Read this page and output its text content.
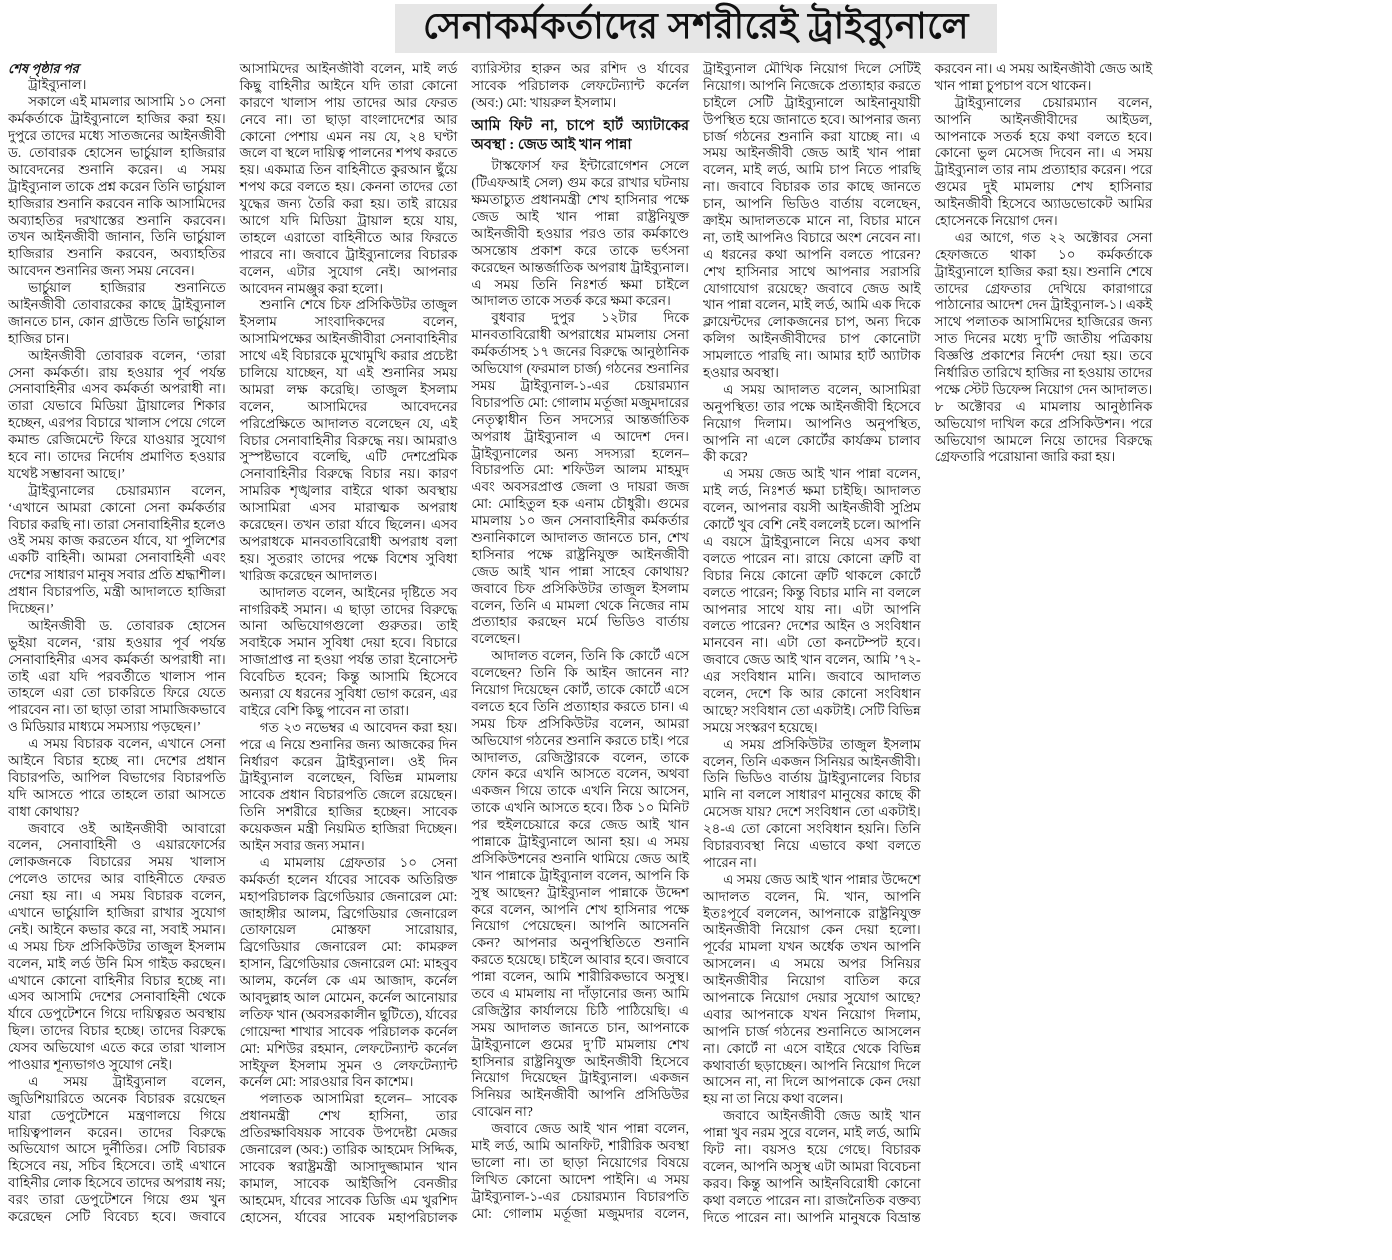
সেনাকর্মকর্তাদের সশরীরেই ট্রাইব্যুনালে

শেষ পৃষ্ঠার পর

ট্রাইব্যুনাল।

সকালে এই মামলার আসামি ১০ সেনা কর্মকর্তাকে ট্রাইব্যুনালে হাজির করা হয়। দুপুরে তাদের মধ্যে সাতজনের আইনজীবী ড. তোবারক হোসেন ভার্চুয়াল হাজিরার আবেদনের শুনানি করেন। এ সময় ট্রাইব্যুনাল তাকে প্রশ্ন করেন তিনি ভার্চুয়াল হাজিরার শুনানি করবেন নাকি আসামিদের অব্যাহতির দরখাস্তের শুনানি করবেন। তখন আইনজীবী জানান, তিনি ভার্চুয়াল হাজিরার শুনানি করবেন, অব্যাহতির আবেদন শুনানির জন্য সময় নেবেন।

ভার্চুয়াল হাজিরার শুনানিতে আইনজীবী তোবারকের কাছে ট্রাইব্যুনাল জানতে চান, কোন গ্রাউন্ডে তিনি ভার্চুয়াল হাজির চান।

আইনজীবী তোবারক বলেন, ‘তারা সেনা কর্মকর্তা। রায় হওয়ার পূর্ব পর্যন্ত সেনাবাহিনীর এসব কর্মকর্তা অপরাধী না। তারা যেভাবে মিডিয়া ট্রায়ালের শিকার হচ্ছেন, এরপর বিচারে খালাস পেয়ে গেলে কমান্ড রেজিমেন্টে ফিরে যাওয়ার সুযোগ হবে না। তাদের নির্দোষ প্রমাণিত হওয়ার যথেষ্ট সম্ভাবনা আছে।’

ট্রাইব্যুনালের চেয়ারম্যান বলেন, ‘এখানে আমরা কোনো সেনা কর্মকর্তার বিচার করছি না। তারা সেনাবাহিনীর হলেও ওই সময় কাজ করতেন র্যাবে, যা পুলিশের একটি বাহিনী। আমরা সেনাবাহিনী এবং দেশের সাধারণ মানুষ সবার প্রতি শ্রদ্ধাশীল। প্রধান বিচারপতি, মন্ত্রী আদালতে হাজিরা দিচ্ছেন।’

আইনজীবী ড. তোবারক হোসেন ভুইয়া বলেন, ‘রায় হওয়ার পূর্ব পর্যন্ত সেনাবাহিনীর এসব কর্মকর্তা অপরাধী না। তাই এরা যদি পরবর্তীতে খালাস পান তাহলে এরা তো চাকরিতে ফিরে যেতে পারবেন না। তা ছাড়া তারা সামাজিকভাবে ও মিডিয়ার মাধ্যমে সমস্যায় পড়ছেন।’

এ সময় বিচারক বলেন, এখানে সেনা আইনে বিচার হচ্ছে না। দেশের প্রধান বিচারপতি, আপিল বিভাগের বিচারপতি যদি আসতে পারে তাহলে তারা আসতে বাধা কোথায়?

জবাবে ওই আইনজীবী আবারো বলেন, সেনাবাহিনী ও এয়ারফোর্সের লোকজনকে বিচারের সময় খালাস পেলেও তাদের আর বাহিনীতে ফেরত নেয়া হয় না। এ সময় বিচারক বলেন, এখানে ভার্চুয়ালি হাজিরা রাখার সুযোগ নেই। আইনে কভার করে না, সবাই সমান। এ সময় চিফ প্রসিকিউটর তাজুল ইসলাম বলেন, মাই লর্ড উনি মিস গাইড করছেন। এখানে কোনো বাহিনীর বিচার হচ্ছে না। এসব আসামি দেশের সেনাবাহিনী থেকে র্যাবে ডেপুটেশনে গিয়ে দায়িত্বরত অবস্থায় ছিল। তাদের বিচার হচ্ছে। তাদের বিরুদ্ধে যেসব অভিযোগ এতে করে তারা খালাস পাওয়ার শূন্যভাগও সুযোগ নেই।

এ সময় ট্রাইব্যুনাল বলেন, জুডিশিয়ারিতে অনেক বিচারক রয়েছেন যারা ডেপুটেশনে মন্ত্রণালয়ে গিয়ে দায়িত্বপালন করেন। তাদের বিরুদ্ধে অভিযোগ আসে দুর্নীতির। সেটি বিচারক হিসেবে নয়, সচিব হিসেবে। তাই এখানে বাহিনীর লোক হিসেবে তাদের অপরাধ নয়; বরং তারা ডেপুটেশনে গিয়ে গুম খুন করেছেন সেটি বিবেচ্য হবে। জবাবে আসামিদের আইনজীবী বলেন, মাই লর্ড কিছু বাহিনীর আইনে যদি তারা কোনো কারণে খালাস পায় তাদের আর ফেরত নেবে না। তা ছাড়া বাংলাদেশের আর কোনো পেশায় এমন নয় যে, ২৪ ঘণ্টা জলে বা স্থলে দায়িত্ব পালনের শপথ করতে হয়। একমাত্র তিন বাহিনীতে কুরআন ছুঁয়ে শপথ করে বলতে হয়। কেননা তাদের তো যুদ্ধের জন্য তৈরি করা হয়। তাই রায়ের আগে যদি মিডিয়া ট্রায়াল হয়ে যায়, তাহলে এরাতো বাহিনীতে আর ফিরতে পারবে না। জবাবে ট্রাইব্যুনালের বিচারক বলেন, এটার সুযোগ নেই। আপনার আবেদন নামঞ্জুর করা হলো।

শুনানি শেষে চিফ প্রসিকিউটর তাজুল ইসলাম সাংবাদিকদের বলেন, আসামিপক্ষের আইনজীবীরা সেনাবাহিনীর সাথে এই বিচারকে মুখোমুখি করার প্রচেষ্টা চালিয়ে যাচ্ছেন, যা এই শুনানির সময় আমরা লক্ষ করেছি। তাজুল ইসলাম বলেন, আসামিদের আবেদনের পরিপ্রেক্ষিতে আদালত বলেছেন যে, এই বিচার সেনাবাহিনীর বিরুদ্ধে নয়। আমরাও সুস্পষ্টভাবে বলেছি, এটি দেশপ্রেমিক সেনাবাহিনীর বিরুদ্ধে বিচার নয়। কারণ সামরিক শৃঙ্খলার বাইরে থাকা অবস্থায় আসামিরা এসব মারাত্মক অপরাধ করেছেন। তখন তারা র্যাবে ছিলেন। এসব অপরাধকে মানবতাবিরোধী অপরাধ বলা হয়। সুতরাং তাদের পক্ষে বিশেষ সুবিধা খারিজ করেছেন আদালত।

আদালত বলেন, আইনের দৃষ্টিতে সব নাগরিকই সমান। এ ছাড়া তাদের বিরুদ্ধে আনা অভিযোগগুলো গুরুতর। তাই সবাইকে সমান সুবিধা দেয়া হবে। বিচারে সাজাপ্রাপ্ত না হওয়া পর্যন্ত তারা ইনোসেন্ট বিবেচিত হবেন; কিন্তু আসামি হিসেবে অন্যরা যে ধরনের সুবিধা ভোগ করেন, এর বাইরে বেশি কিছু পাবেন না তারা।

গত ২৩ নভেম্বর এ আবেদন করা হয়। পরে এ নিয়ে শুনানির জন্য আজকের দিন নির্ধারণ করেন ট্রাইব্যুনাল। ওই দিন ট্রাইব্যুনাল বলেছেন, বিভিন্ন মামলায় সাবেক প্রধান বিচারপতি জেলে রয়েছেন। তিনি সশরীরে হাজির হচ্ছেন। সাবেক কয়েকজন মন্ত্রী নিয়মিত হাজিরা দিচ্ছেন। আইন সবার জন্য সমান।

এ মামলায় গ্রেফতার ১০ সেনা কর্মকর্তা হলেন র্যাবের সাবেক অতিরিক্ত মহাপরিচালক ব্রিগেডিয়ার জেনারেল মো: জাহাঙ্গীর আলম, ব্রিগেডিয়ার জেনারেল তোফায়েল মোস্তফা সারোয়ার, ব্রিগেডিয়ার জেনারেল মো: কামরুল হাসান, ব্রিগেডিয়ার জেনারেল মো: মাহবুব আলম, কর্নেল কে এম আজাদ, কর্নেল আবদুল্লাহ আল মোমেন, কর্নেল আনোয়ার লতিফ খান (অবসরকালীন ছুটিতে), র্যাবের গোয়েন্দা শাখার সাবেক পরিচালক কর্নেল মো: মশিউর রহমান, লেফটেন্যান্ট কর্নেল সাইফুল ইসলাম সুমন ও লেফটেন্যান্ট কর্নেল মো: সারওয়ার বিন কাশেম।

পলাতক আসামিরা হলেন– সাবেক প্রধানমন্ত্রী শেখ হাসিনা, তার প্রতিরক্ষাবিষয়ক সাবেক উপদেষ্টা মেজর জেনারেল (অব:) তারিক আহমেদ সিদ্দিক, সাবেক স্বরাষ্ট্রমন্ত্রী আসাদুজ্জামান খান কামাল, সাবেক আইজিপি বেনজীর আহমেদ, র্যাবের সাবেক ডিজি এম খুরশিদ হোসেন, র্যাবের সাবেক মহাপরিচালক ব্যারিস্টার হারুন অর রশিদ ও র্যাবের সাবেক পরিচালক লেফটেন্যান্ট কর্নেল (অব:) মো: খায়রুল ইসলাম।

আমি ফিট না, চাপে হার্ট অ্যাটাকের অবস্থা : জেড আই খান পান্না

টাস্কফোর্স ফর ইন্টারোগেশন সেলে (টিএফআই সেল) গুম করে রাখার ঘটনায় ক্ষমতাচ্যুত প্রধানমন্ত্রী শেখ হাসিনার পক্ষে জেড আই খান পান্না রাষ্ট্রনিযুক্ত আইনজীবী হওয়ার পরও তার কর্মকাণ্ডে অসন্তোষ প্রকাশ করে তাকে ভর্ৎসনা করেছেন আন্তর্জাতিক অপরাধ ট্রাইব্যুনাল। এ সময় তিনি নিঃশর্ত ক্ষমা চাইলে আদালত তাকে সতর্ক করে ক্ষমা করেন।

বুধবার দুপুর ১২টার দিকে মানবতাবিরোধী অপরাধের মামলায় সেনা কর্মকর্তাসহ ১৭ জনের বিরুদ্ধে আনুষ্ঠানিক অভিযোগ (ফরমাল চার্জ) গঠনের শুনানির সময় ট্রাইব্যুনাল-১-এর চেয়ারম্যান বিচারপতি মো: গোলাম মর্তূজা মজুমদারের নেতৃত্বাধীন তিন সদস্যের আন্তর্জাতিক অপরাধ ট্রাইব্যুনাল এ আদেশ দেন। ট্রাইব্যুনালের অন্য সদস্যরা হলেন– বিচারপতি মো: শফিউল আলম মাহমুদ এবং অবসরপ্রাপ্ত জেলা ও দায়রা জজ মো: মোহিতুল হক এনাম চৌধুরী। গুমের মামলায় ১০ জন সেনাবাহিনীর কর্মকর্তার শুনানিকালে আদালত জানতে চান, শেখ হাসিনার পক্ষে রাষ্ট্রনিযুক্ত আইনজীবী জেড আই খান পান্না সাহেব কোথায়? জবাবে চিফ প্রসিকিউটর তাজুল ইসলাম বলেন, তিনি এ মামলা থেকে নিজের নাম প্রত্যাহার করছেন মর্মে ভিডিও বার্তায় বলেছেন।

আদালত বলেন, তিনি কি কোর্টে এসে বলেছেন? তিনি কি আইন জানেন না? নিয়োগ দিয়েছেন কোর্ট, তাকে কোর্টে এসে বলতে হবে তিনি প্রত্যাহার করতে চান। এ সময় চিফ প্রসিকিউটর বলেন, আমরা অভিযোগ গঠনের শুনানি করতে চাই। পরে আদালত, রেজিস্ট্রারকে বলেন, তাকে ফোন করে এখনি আসতে বলেন, অথবা একজন গিয়ে তাকে এখনি নিয়ে আসেন, তাকে এখনি আসতে হবে। ঠিক ১০ মিনিট পর হুইলচেয়ারে করে জেড আই খান পান্নাকে ট্রাইব্যুনালে আনা হয়। এ সময় প্রসিকিউশনের শুনানি থামিয়ে জেড আই খান পান্নাকে ট্রাইব্যুনাল বলেন, আপনি কি সুস্থ আছেন? ট্রাইব্যুনাল পান্নাকে উদ্দেশ করে বলেন, আপনি শেখ হাসিনার পক্ষে নিয়োগ পেয়েছেন। আপনি আসেননি কেন? আপনার অনুপস্থিতিতে শুনানি করতে হয়েছে। চাইলে আবার হবে। জবাবে পান্না বলেন, আমি শারীরিকভাবে অসুস্থ। তবে এ মামলায় না দাঁড়ানোর জন্য আমি রেজিস্ট্রার কার্যালয়ে চিঠি পাঠিয়েছি। এ সময় আদালত জানতে চান, আপনাকে ট্রাইব্যুনালে গুমের দু’টি মামলায় শেখ হাসিনার রাষ্ট্রনিযুক্ত আইনজীবী হিসেবে নিয়োগ দিয়েছেন ট্রাইব্যুনাল। একজন সিনিয়র আইনজীবী আপনি প্রসিডিউর বোঝেন না?

জবাবে জেড আই খান পান্না বলেন, মাই লর্ড, আমি আনফিট, শারীরিক অবস্থা ভালো না। তা ছাড়া নিয়োগের বিষয়ে লিখিত কোনো আদেশ পাইনি। এ সময় ট্রাইব্যুনাল-১-এর চেয়ারম্যান বিচারপতি মো: গোলাম মর্তূজা মজুমদার বলেন, ট্রাইব্যুনাল মৌখিক নিয়োগ দিলে সেটিই নিয়োগ। আপনি নিজেকে প্রত্যাহার করতে চাইলে সেটি ট্রাইব্যুনালে আইনানুযায়ী উপস্থিত হয়ে জানাতে হবে। আপনার জন্য চার্জ গঠনের শুনানি করা যাচ্ছে না। এ সময় আইনজীবী জেড আই খান পান্না বলেন, মাই লর্ড, আমি চাপ নিতে পারছি না। জবাবে বিচারক তার কাছে জানতে চান, আপনি ভিডিও বার্তায় বলেছেন, ক্রাইম আদালতকে মানে না, বিচার মানে না, তাই আপনিও বিচারে অংশ নেবেন না। এ ধরনের কথা আপনি বলতে পারেন? শেখ হাসিনার সাথে আপনার সরাসরি যোগাযোগ রয়েছে? জবাবে জেড আই খান পান্না বলেন, মাই লর্ড, আমি এক দিকে ক্লায়েন্টদের লোকজনের চাপ, অন্য দিকে কলিগ আইনজীবীদের চাপ কোনোটা সামলাতে পারছি না। আমার হার্ট অ্যাটাক হওয়ার অবস্থা।

এ সময় আদালত বলেন, আসামিরা অনুপস্থিত! তার পক্ষে আইনজীবী হিসেবে নিয়োগ দিলাম। আপনিও অনুপস্থিত, আপনি না এলে কোর্টের কার্যক্রম চালাব কী করে?

এ সময় জেড আই খান পান্না বলেন, মাই লর্ড, নিঃশর্ত ক্ষমা চাইছি। আদালত বলেন, আপনার বয়সী আইনজীবী সুপ্রিম কোর্টে খুব বেশি নেই বললেই চলে। আপনি এ বয়সে ট্রাইব্যুনালে নিয়ে এসব কথা বলতে পারেন না। রায়ে কোনো ত্রুটি বা বিচার নিয়ে কোনো ত্রুটি থাকলে কোর্টে বলতে পারেন; কিন্তু বিচার মানি না বললে আপনার সাথে যায় না। এটা আপনি বলতে পারেন? দেশের আইন ও সংবিধান মানবেন না। এটা তো কনটেম্পট হবে। জবাবে জেড আই খান বলেন, আমি ’৭২-এর সংবিধান মানি। জবাবে আদালত বলেন, দেশে কি আর কোনো সংবিধান আছে? সংবিধান তো একটাই। সেটি বিভিন্ন সময়ে সংস্করণ হয়েছে।

এ সময় প্রসিকিউটর তাজুল ইসলাম বলেন, তিনি একজন সিনিয়র আইনজীবী। তিনি ভিডিও বার্তায় ট্রাইব্যুনালের বিচার মানি না বললে সাধারণ মানুষের কাছে কী মেসেজ যায়? দেশে সংবিধান তো একটাই। ২৪-এ তো কোনো সংবিধান হয়নি। তিনি বিচারব্যবস্থা নিয়ে এভাবে কথা বলতে পারেন না।

এ সময় জেড আই খান পান্নার উদ্দেশে আদালত বলেন, মি. খান, আপনি ইতঃপূর্বে বললেন, আপনাকে রাষ্ট্রনিযুক্ত আইনজীবী নিয়োগ কেন দেয়া হলো। পূর্বের মামলা যখন অর্ধেক তখন আপনি আসলেন। এ সময়ে অপর সিনিয়র আইনজীবীর নিয়োগ বাতিল করে আপনাকে নিয়োগ দেয়ার সুযোগ আছে? এবার আপনাকে যখন নিয়োগ দিলাম, আপনি চার্জ গঠনের শুনানিতে আসলেন না। কোর্টে না এসে বাইরে থেকে বিভিন্ন কথাবার্তা ছড়াচ্ছেন। আপনি নিয়োগ দিলে আসেন না, না দিলে আপনাকে কেন দেয়া হয় না তা নিয়ে কথা বলেন।

জবাবে আইনজীবী জেড আই খান পান্না খুব নরম সুরে বলেন, মাই লর্ড, আমি ফিট না। বয়সও হয়ে গেছে। বিচারক বলেন, আপনি অসুস্থ এটা আমরা বিবেচনা করব। কিন্তু আপনি আইনবিরোধী কোনো কথা বলতে পারেন না। রাজনৈতিক বক্তব্য দিতে পারেন না। আপনি মানুষকে বিভ্রান্ত করবেন না। এ সময় আইনজীবী জেড আই খান পান্না চুপচাপ বসে থাকেন।

ট্রাইব্যুনালের চেয়ারম্যান বলেন, আপনি আইনজীবীদের আইডল, আপনাকে সতর্ক হয়ে কথা বলতে হবে। কোনো ভুল মেসেজ দিবেন না। এ সময় ট্রাইব্যুনাল তার নাম প্রত্যাহার করেন। পরে গুমের দুই মামলায় শেখ হাসিনার আইনজীবী হিসেবে অ্যাডভোকেট আমির হোসেনকে নিয়োগ দেন।

এর আগে, গত ২২ অক্টোবর সেনা হেফাজতে থাকা ১০ কর্মকর্তাকে ট্রাইব্যুনালে হাজির করা হয়। শুনানি শেষে তাদের গ্রেফতার দেখিয়ে কারাগারে পাঠানোর আদেশ দেন ট্রাইব্যুনাল-১। একই সাথে পলাতক আসামিদের হাজিরের জন্য সাত দিনের মধ্যে দু’টি জাতীয় পত্রিকায় বিজ্ঞপ্তি প্রকাশের নির্দেশ দেয়া হয়। তবে নির্ধারিত তারিখে হাজির না হওয়ায় তাদের পক্ষে স্টেট ডিফেন্স নিয়োগ দেন আদালত। ৮ অক্টোবর এ মামলায় আনুষ্ঠানিক অভিযোগ দাখিল করে প্রসিকিউশন। পরে অভিযোগ আমলে নিয়ে তাদের বিরুদ্ধে গ্রেফতারি পরোয়ানা জারি করা হয়।
